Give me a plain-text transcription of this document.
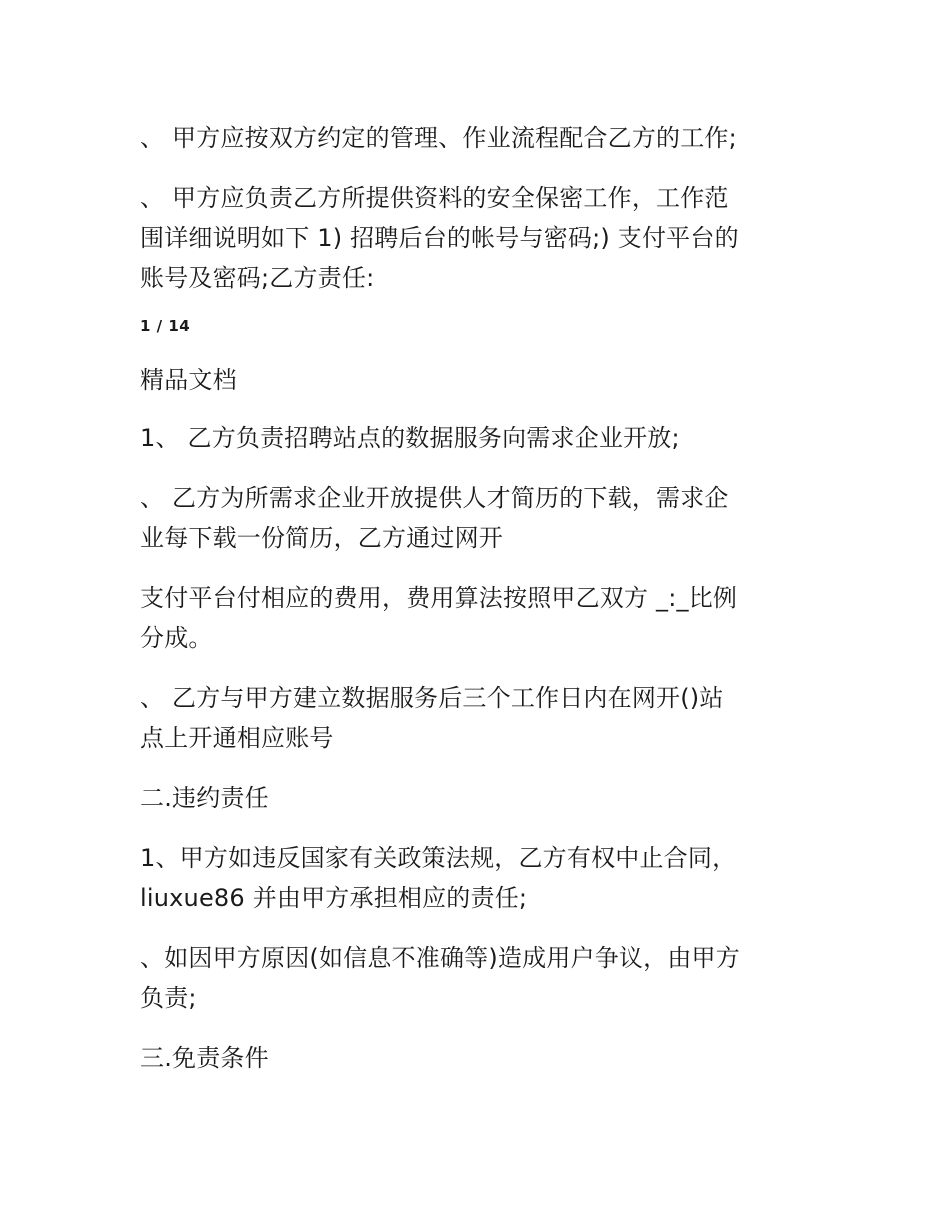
、 甲方应按双方约定的管理、作业流程配合乙方的工作;

、 甲方应负责乙方所提供资料的安全保密工作，工作范

围详细说明如下 1) 招聘后台的帐号与密码;) 支付平台的

账号及密码;乙方责任:

1 / 14

精品文档

1、 乙方负责招聘站点的数据服务向需求企业开放;

、 乙方为所需求企业开放提供人才简历的下载，需求企

业每下载一份简历，乙方通过网开

支付平台付相应的费用，费用算法按照甲乙双方 _:_比例

分成。

、 乙方与甲方建立数据服务后三个工作日内在网开()站

点上开通相应账号

二.违约责任

1、甲方如违反国家有关政策法规，乙方有权中止合同，

liuxue86 并由甲方承担相应的责任;

、如因甲方原因(如信息不准确等)造成用户争议，由甲方

负责;

三.免责条件
